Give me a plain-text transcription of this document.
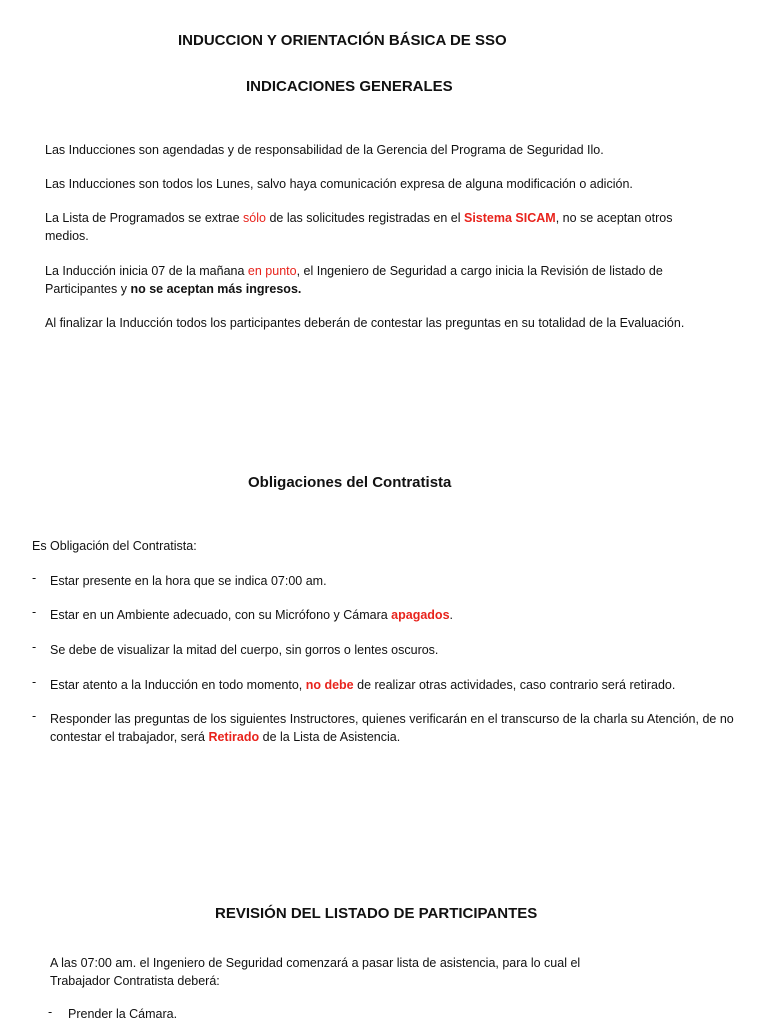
INDUCCION Y ORIENTACIÓN BÁSICA DE SSO
INDICACIONES GENERALES
Las Inducciones son agendadas y de responsabilidad de la Gerencia del Programa de Seguridad Ilo.
Las Inducciones son todos los Lunes, salvo haya comunicación expresa de alguna modificación o adición.
La Lista de Programados se extrae sólo de las solicitudes registradas en el Sistema SICAM, no se aceptan otros medios.
La Inducción inicia 07 de la mañana en punto, el Ingeniero de Seguridad a cargo inicia la Revisión de listado de Participantes y no se aceptan más ingresos.
Al finalizar la Inducción todos los participantes deberán de contestar las preguntas en su totalidad de la Evaluación.
Obligaciones del Contratista
Es Obligación del Contratista:
- Estar presente en la hora que se indica 07:00 am.
- Estar en un Ambiente adecuado, con su Micrófono y Cámara apagados.
- Se debe de visualizar la mitad del cuerpo, sin gorros o lentes oscuros.
- Estar atento a la Inducción en todo momento, no debe de realizar otras actividades, caso contrario será retirado.
- Responder las preguntas de los siguientes Instructores, quienes verificarán en el transcurso de la charla su Atención, de no contestar el trabajador, será Retirado de la Lista de Asistencia.
REVISIÓN DEL LISTADO DE PARTICIPANTES
A las 07:00 am. el Ingeniero de Seguridad comenzará a pasar lista de asistencia, para lo cual el Trabajador Contratista deberá:
- Prender la Cámara.
